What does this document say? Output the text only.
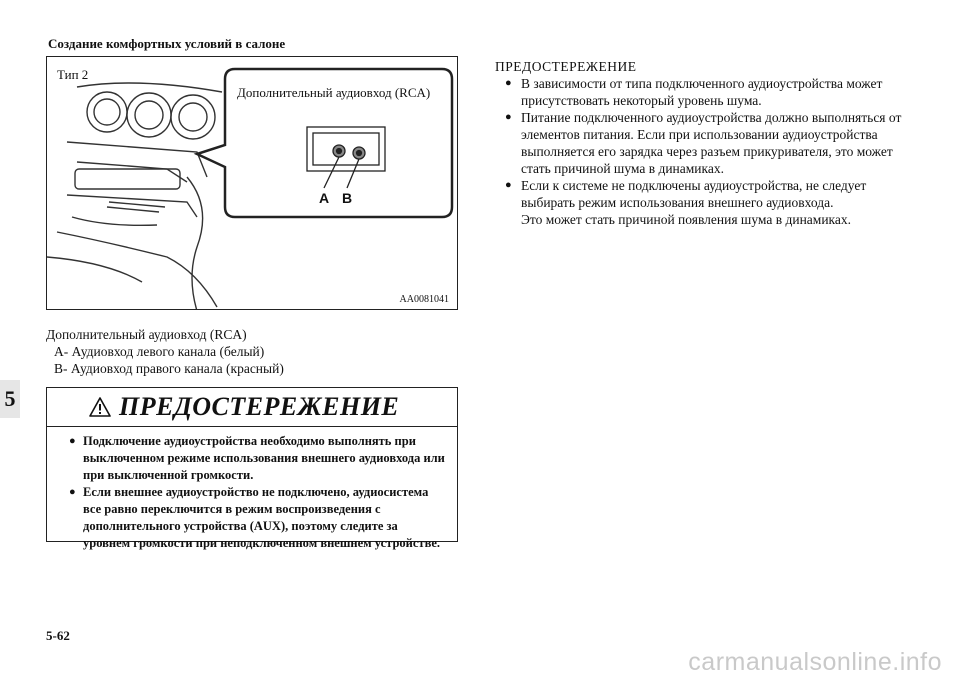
Создание комфортных условий в салоне
A B
Тип 2
Дополнительный аудиовход (RCA)
AA0081041
Дополнительный аудиовход (RCA)
A- Аудиовход левого канала (белый)
B- Аудиовход правого канала (красный)
5	ПРЕДОСТЕРЕЖЕНИЕ
● Подключение аудиоустройства необходимо выполнять при выключенном режиме использования внешнего аудиовхода или при выключенной громкости.
● Если внешнее аудиоустройство не подключено, аудиосистема все равно переключится в режим воспроизведения с дополнительного устройства (AUX), поэтому следите за уровнем громкости при неподключенном внешнем устройстве.
ПРЕДОСТЕРЕЖЕНИЕ
● В зависимости от типа подключенного аудиоустройства может присутствовать некоторый уровень шума.
● Питание подключенного аудиоустройства должно выполняться от элементов питания. Если при использовании аудиоустройства выполняется его зарядка через разъем прикуривателя, это может стать причиной шума в динамиках.
● Если к системе не подключены аудиоустройства, не следует выбирать режим использования внешнего аудиовхода.
Это может стать причиной появления шума в динамиках.
5-62
carmanualsonline.info
